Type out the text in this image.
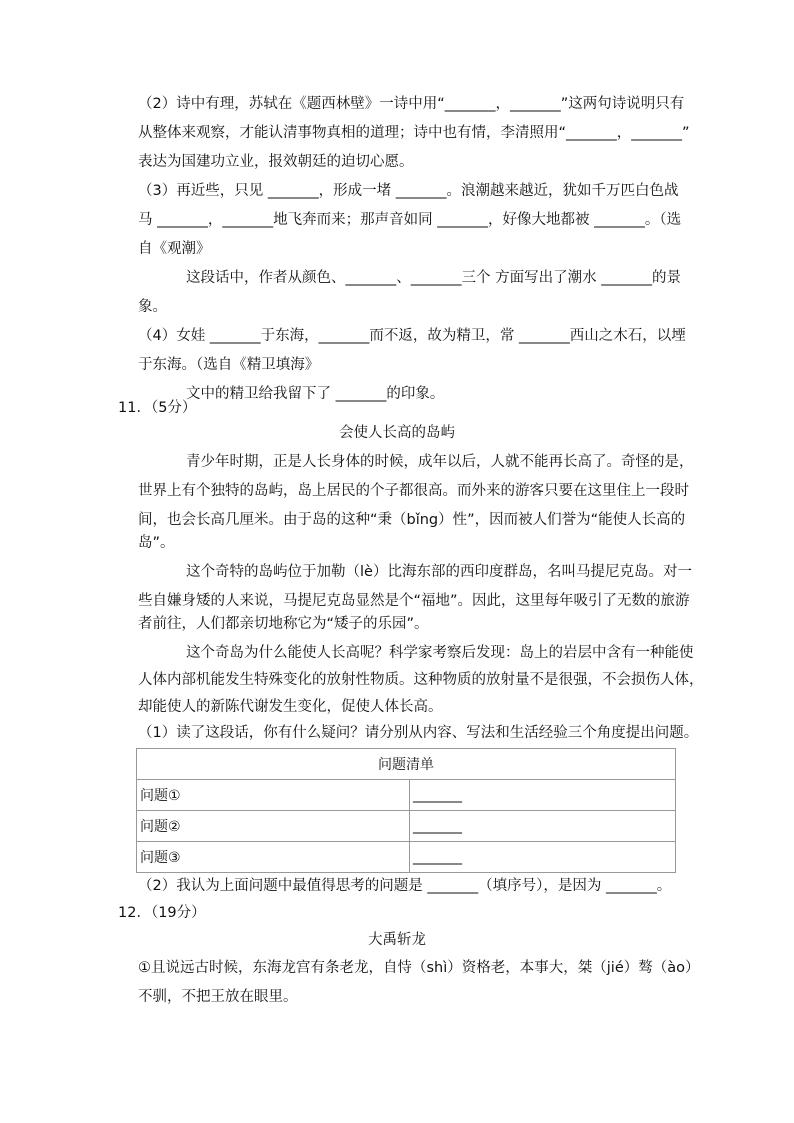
（2）诗中有理，苏轼在《题西林壁》一诗中用“_______，_______”这两句诗说明只有
从整体来观察，才能认清事物真相的道理；诗中也有情，李清照用“_______，_______”
表达为国建功立业，报效朝廷的迫切心愿。
（3）再近些，只见 _______，形成一堵 _______。浪潮越来越近，犹如千万匹白色战
马 _______，_______地飞奔而来；那声音如同 _______，好像大地都被 _______。（选
自《观潮》
这段话中，作者从颜色、_______、_______三个 方面写出了潮水 _______的景
象。
（4）女娃 _______于东海，_______而不返，故为精卫，常 _______西山之木石，以堙
于东海。（选自《精卫填海》
文中的精卫给我留下了 _______的印象。
11．（5分）
会使人长高的岛屿
青少年时期，正是人长身体的时候，成年以后，人就不能再长高了。奇怪的是，
世界上有个独特的岛屿，岛上居民的个子都很高。而外来的游客只要在这里住上一段时
间，也会长高几厘米。由于岛的这种“秉（bǐng）性”，因而被人们誉为“能使人长高的
岛”。
这个奇特的岛屿位于加勒（lè）比海东部的西印度群岛，名叫马提尼克岛。对一
些自嫌身矮的人来说，马提尼克岛显然是个“福地”。因此，这里每年吸引了无数的旅游
者前往，人们都亲切地称它为“矮子的乐园”。
这个奇岛为什么能使人长高呢？科学家考察后发现：岛上的岩层中含有一种能使
人体内部机能发生特殊变化的放射性物质。这种物质的放射量不是很强，不会损伤人体，
却能使人的新陈代谢发生变化，促使人体长高。
（1）读了这段话，你有什么疑问？请分别从内容、写法和生活经验三个角度提出问题。
问题清单	
问题①	_______
问题②	_______
问题③	_______
（2）我认为上面问题中最值得思考的问题是 _______（填序号），是因为 _______。
12．（19分）
大禹斩龙
①且说远古时候，东海龙宫有条老龙，自恃（shì）资格老，本事大，桀（jié）骜（ào）
不驯，不把王放在眼里。
